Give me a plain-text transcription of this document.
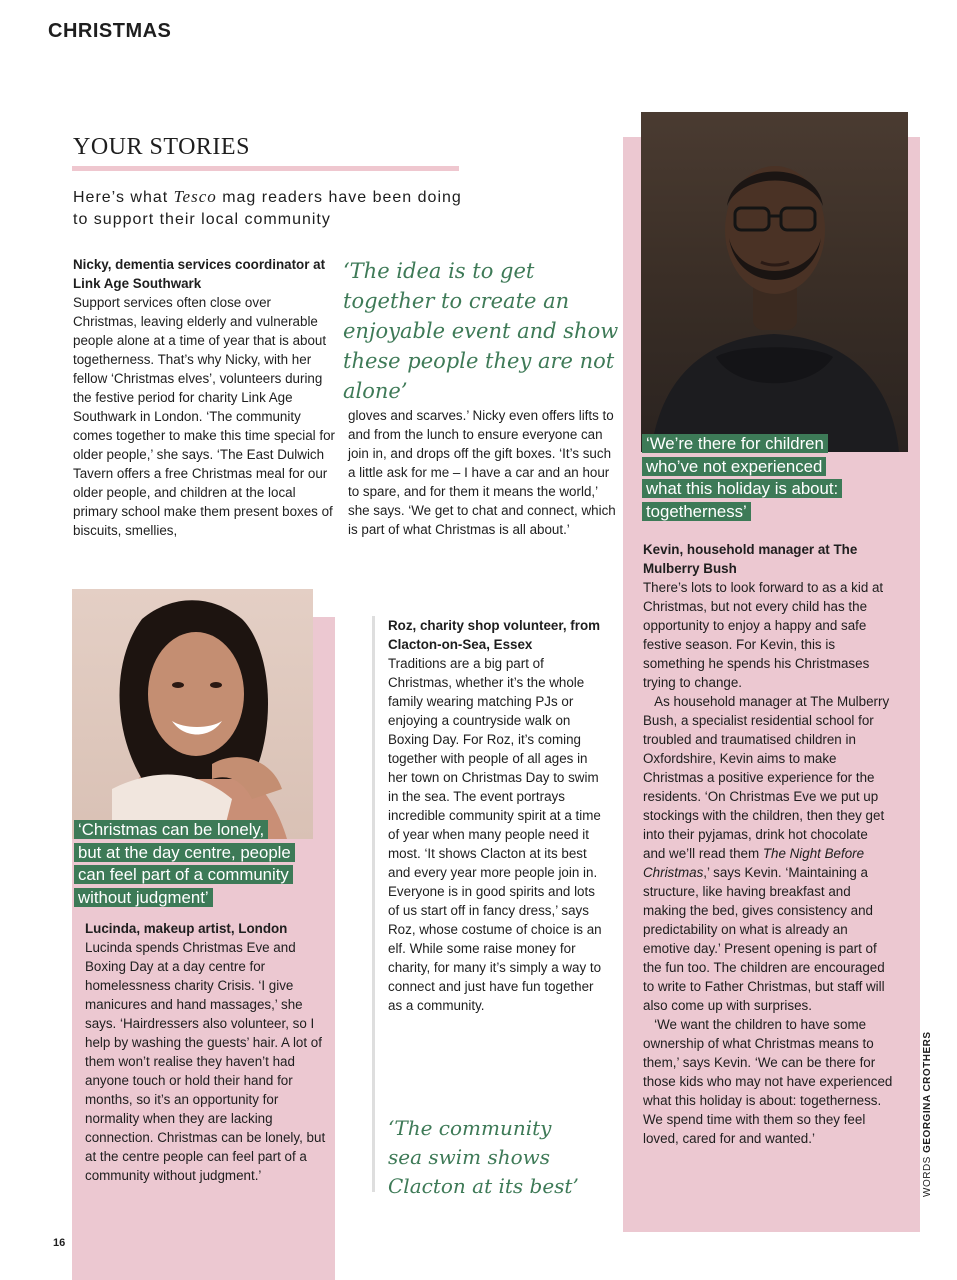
CHRISTMAS
YOUR STORIES
Here’s what Tesco mag readers have been doing to support their local community
Nicky, dementia services coordinator at Link Age Southwark
Support services often close over Christmas, leaving elderly and vulnerable people alone at a time of year that is about togetherness. That’s why Nicky, with her fellow ‘Christmas elves’, volunteers during the festive period for charity Link Age Southwark in London. ‘The community comes together to make this time special for older people,’ she says. ‘The East Dulwich Tavern offers a free Christmas meal for our older people, and children at the local primary school make them present boxes of biscuits, smellies,
‘The idea is to get together to create an enjoyable event and show these people they are not alone’
gloves and scarves.’ Nicky even offers lifts to and from the lunch to ensure everyone can join in, and drops off the gift boxes. ‘It’s such a little ask for me – I have a car and an hour to spare, and for them it means the world,’ she says. ‘We get to chat and connect, which is part of what Christmas is all about.’
‘We’re there for children
who’ve not experienced
what this holiday is about:
togetherness’
Kevin, household manager at The Mulberry Bush
There’s lots to look forward to as a kid at Christmas, but not every child has the opportunity to enjoy a happy and safe festive season. For Kevin, this is something he spends his Christmases trying to change.
As household manager at The Mulberry Bush, a specialist residential school for troubled and traumatised children in Oxfordshire, Kevin aims to make Christmas a positive experience for the residents. ‘On Christmas Eve we put up stockings with the children, then they get into their pyjamas, drink hot chocolate and we’ll read them The Night Before Christmas,’ says Kevin. ‘Maintaining a structure, like having breakfast and making the bed, gives consistency and predictability on what is already an emotive day.’ Present opening is part of the fun too. The children are encouraged to write to Father Christmas, but staff will also come up with surprises.
‘We want the children to have some ownership of what Christmas means to them,’ says Kevin. ‘We can be there for those kids who may not have experienced what this holiday is about: togetherness. We spend time with them so they feel loved, cared for and wanted.’
‘Christmas can be lonely,
but at the day centre, people
can feel part of a community
without judgment’
Lucinda, makeup artist, London
Lucinda spends Christmas Eve and Boxing Day at a day centre for homelessness charity Crisis. ‘I give manicures and hand massages,’ she says. ‘Hairdressers also volunteer, so I help by washing the guests’ hair. A lot of them won’t realise they haven’t had anyone touch or hold their hand for months, so it’s an opportunity for normality when they are lacking connection. Christmas can be lonely, but at the centre people can feel part of a community without judgment.’
Roz, charity shop volunteer, from Clacton-on-Sea, Essex
Traditions are a big part of Christmas, whether it’s the whole family wearing matching PJs or enjoying a countryside walk on Boxing Day. For Roz, it’s coming together with people of all ages in her town on Christmas Day to swim in the sea. The event portrays incredible community spirit at a time of year when many people need it most. ‘It shows Clacton at its best and every year more people join in. Everyone is in good spirits and lots of us start off in fancy dress,’ says Roz, whose costume of choice is an elf. While some raise money for charity, for many it’s simply a way to connect and just have fun together as a community.
‘The community sea swim shows Clacton at its best’	WORDS GEORGINA CROTHERS
16
